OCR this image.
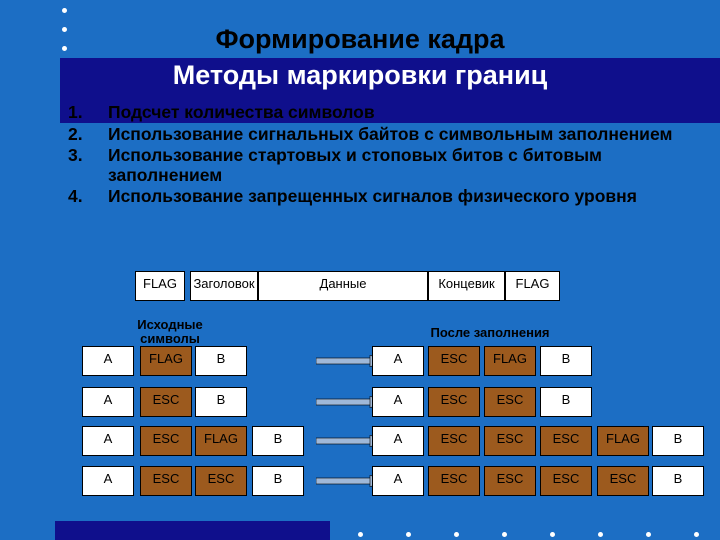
Формирование кадра
Методы маркировки границ
1. Подсчет количества символов
2. Использование сигнальных байтов с символьным заполнением
3. Использование стартовых и стоповых битов с битовым заполнением
4. Использование запрещенных сигналов физического уровня
FLAG	Заголовок	Данные	Концевик	FLAG
Исходные символы	После заполнения
A	FLAG	B	A	ESC	FLAG	B
A	ESC	B	A	ESC	ESC	B
A	ESC	FLAG	B	A	ESC	ESC	ESC	FLAG	B
A	ESC	ESC	B	A	ESC	ESC	ESC	ESC	B
